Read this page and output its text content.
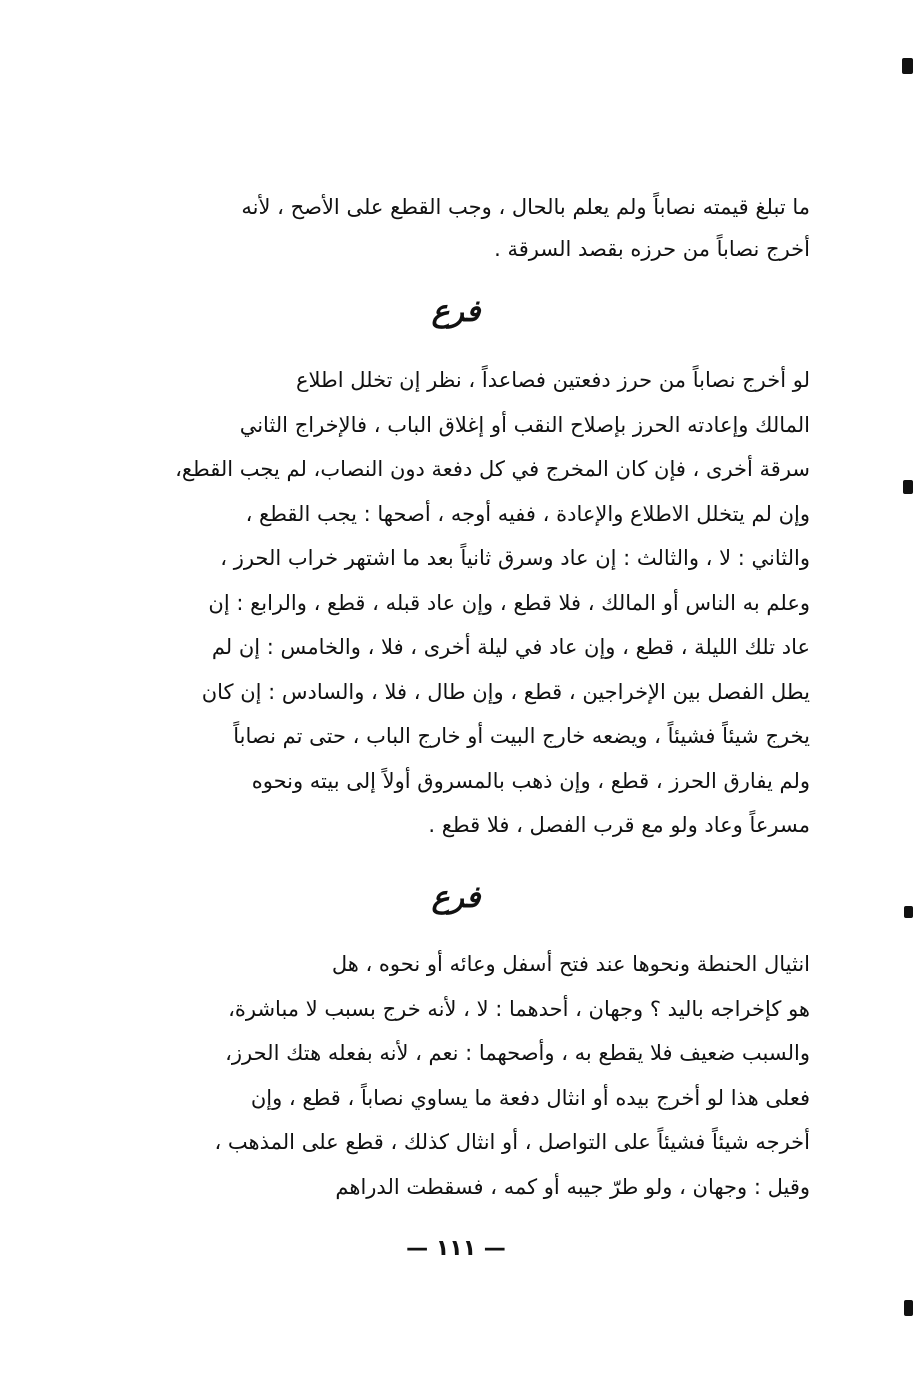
ما تبلغ قيمته نصاباً ولم يعلم بالحال ، وجب القطع على الأصح ، لأنه
أخرج نصاباً من حرزه بقصد السرقة .
فرع
لو أخرج نصاباً من حرز دفعتين فصاعداً ، نظر إن تخلل اطلاع
المالك وإعادته الحرز بإصلاح النقب أو إغلاق الباب ، فالإخراج الثاني
سرقة أخرى ، فإن كان المخرج في كل دفعة دون النصاب، لم يجب القطع،
وإن لم يتخلل الاطلاع والإعادة ، ففيه أوجه ، أصحها : يجب القطع ،
والثاني : لا ، والثالث : إن عاد وسرق ثانياً بعد ما اشتهر خراب الحرز ،
وعلم به الناس أو المالك ، فلا قطع ، وإن عاد قبله ، قطع ، والرابع : إن
عاد تلك الليلة ، قطع ، وإن عاد في ليلة أخرى ، فلا ، والخامس : إن لم
يطل الفصل بين الإخراجين ، قطع ، وإن طال ، فلا ، والسادس : إن كان
يخرج شيئاً فشيئاً ، ويضعه خارج البيت أو خارج الباب ، حتى تم نصاباً
ولم يفارق الحرز ، قطع ، وإن ذهب بالمسروق أولاً إلى بيته ونحوه
مسرعاً وعاد ولو مع قرب الفصل ، فلا قطع .
فرع
انثيال الحنطة ونحوها عند فتح أسفل وعائه أو نحوه ، هل
هو كإخراجه باليد ؟ وجهان ، أحدهما : لا ، لأنه خرج بسبب لا مباشرة،
والسبب ضعيف فلا يقطع به ، وأصحهما : نعم ، لأنه بفعله هتك الحرز،
فعلى هذا لو أخرج بيده أو انثال دفعة ما يساوي نصاباً ، قطع ، وإن
أخرجه شيئاً فشيئاً على التواصل ، أو انثال كذلك ، قطع على المذهب ،
وقيل : وجهان ، ولو طرّ جيبه أو كمه ، فسقطت الدراهم
— ١١١ —
